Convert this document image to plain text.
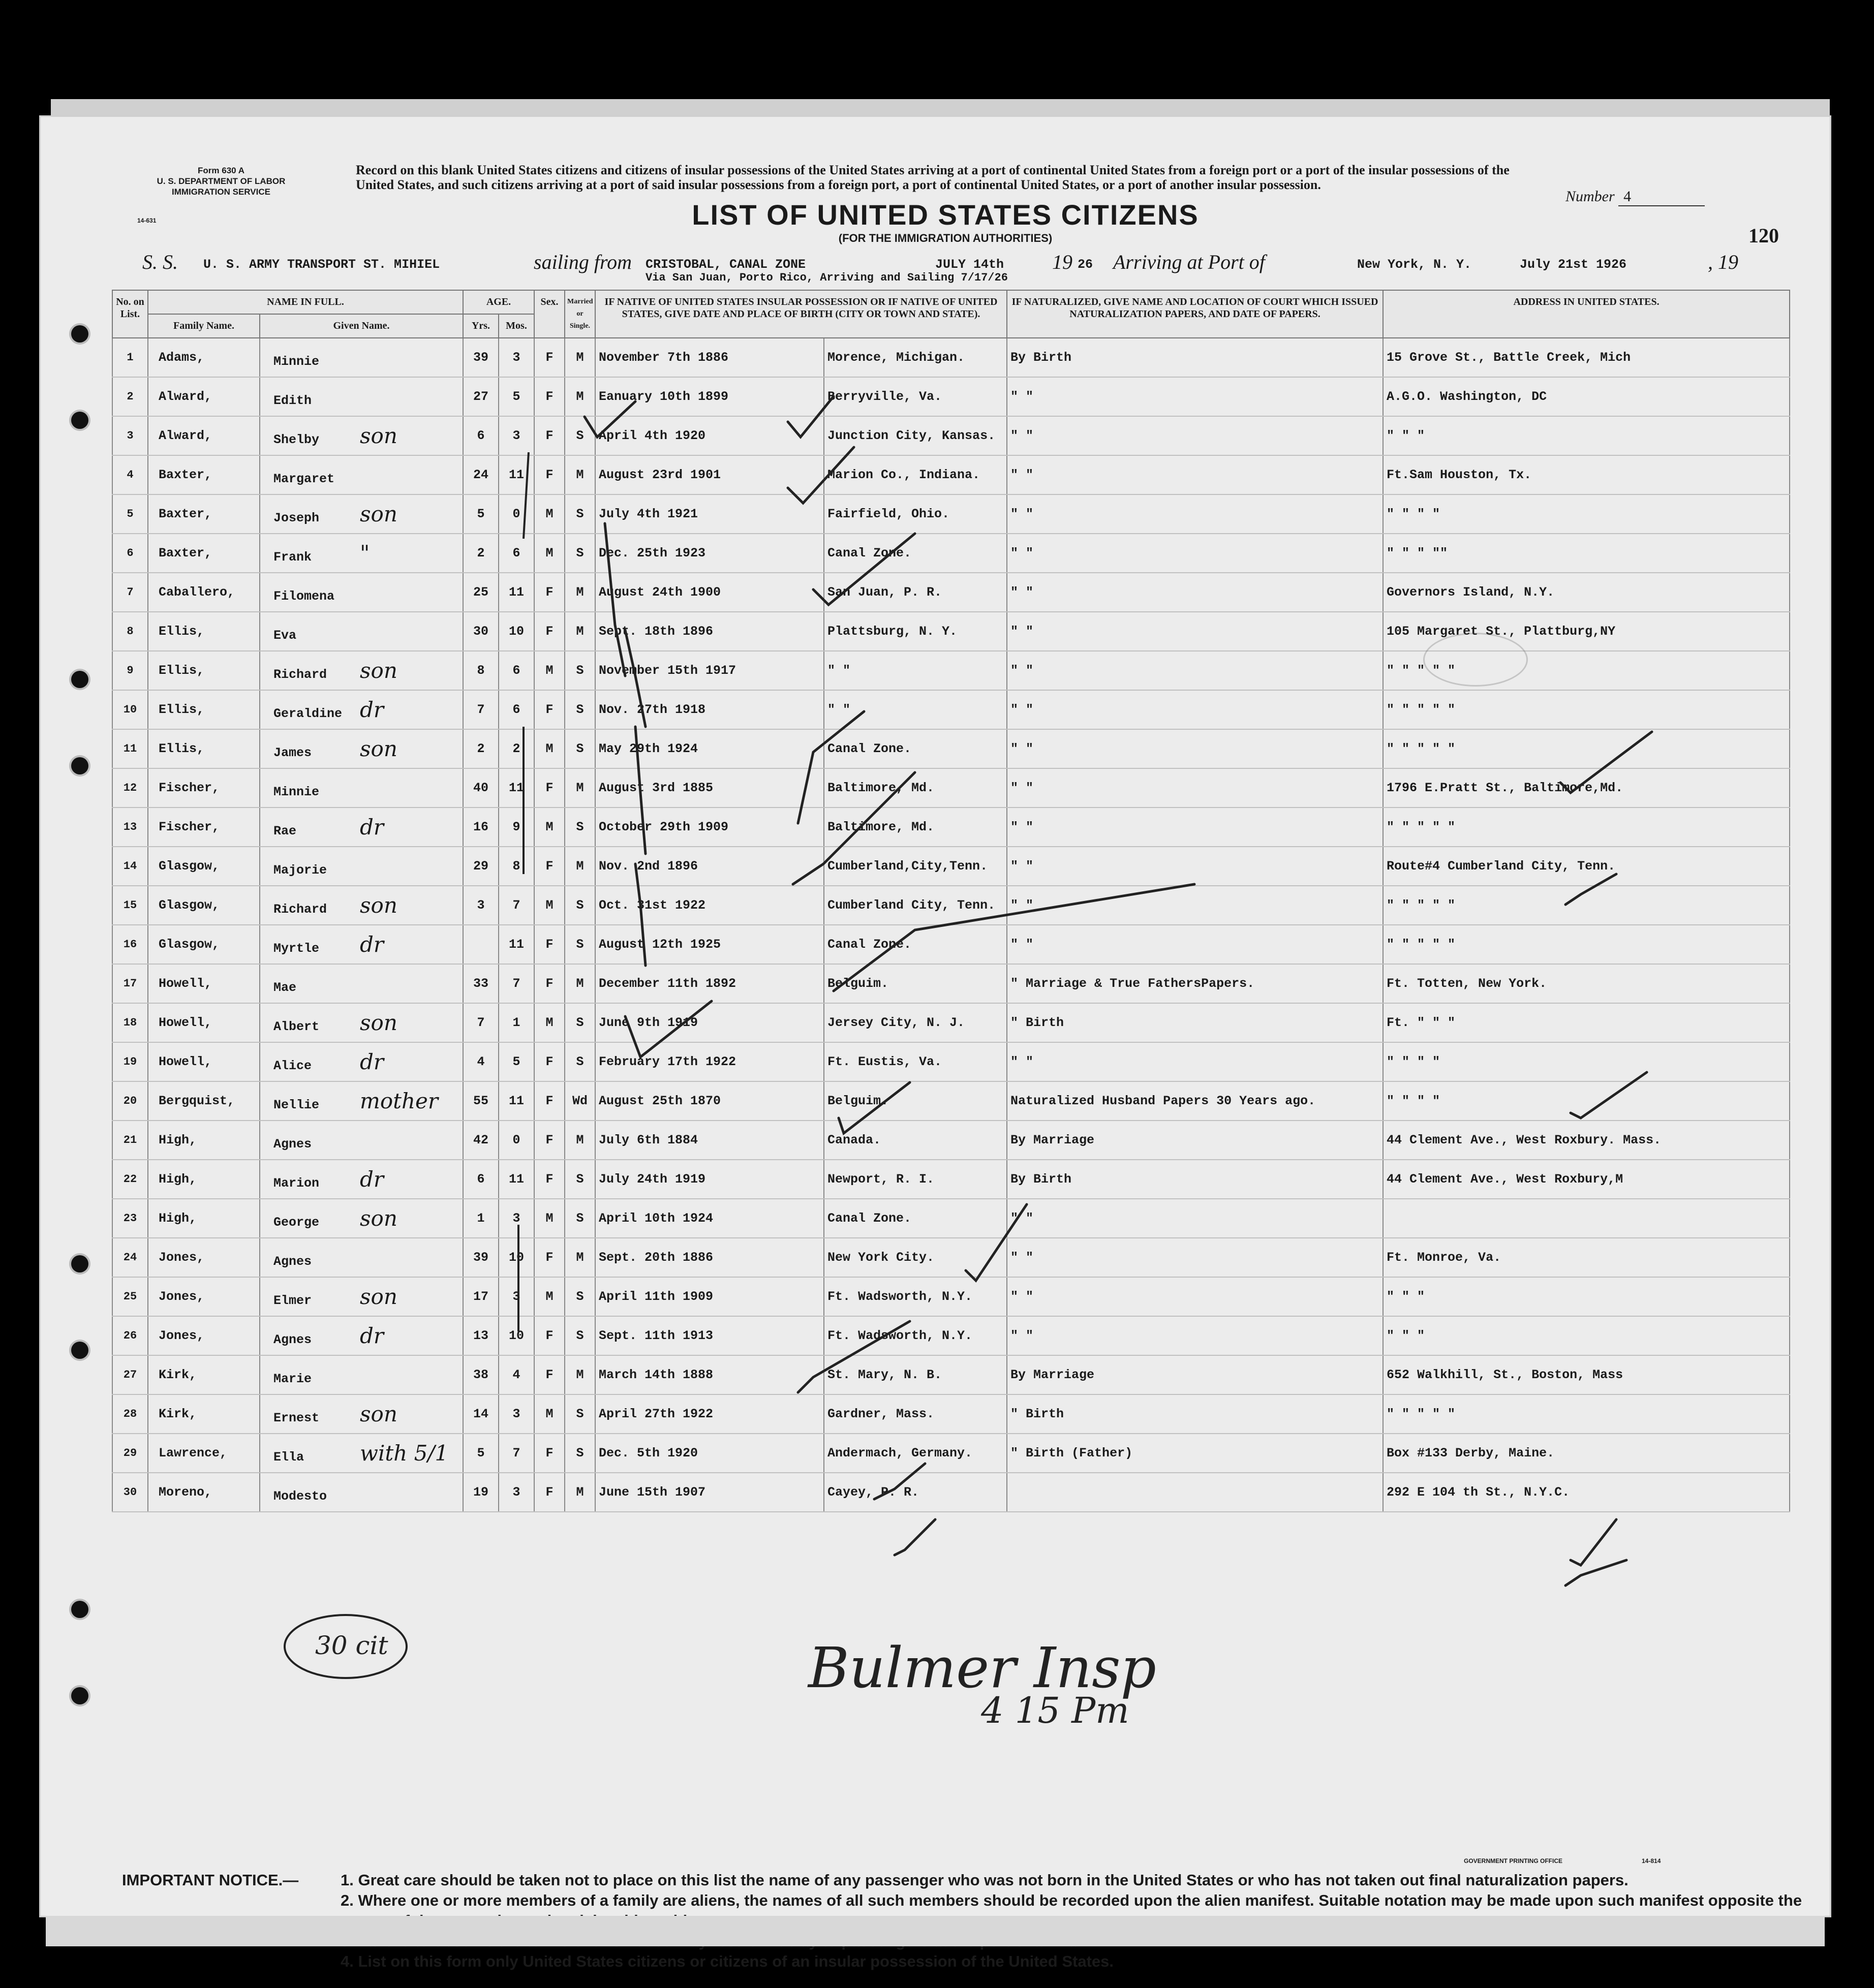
Form 630 A
U. S. DEPARTMENT OF LABOR
IMMIGRATION SERVICE
14-631
Record on this blank United States citizens and citizens of insular possessions of the United States arriving at a port of continental United States from a foreign port or a port of the insular possessions of the United States, and such citizens arriving at a port of said insular possessions from a foreign port, a port of continental United States, or a port of another insular possession.
LIST OF UNITED STATES CITIZENS
(FOR THE IMMIGRATION AUTHORITIES)
Number 4
120
S. S. U. S. ARMY TRANSPORT ST. MIHIEL	sailing from CRISTOBAL, CANAL ZONE	JULY 14th 19 26 Arriving at Port of	New York, N. Y.	July 21st 1926	, 19
Via San Juan, Porto Rico, Arriving and Sailing 7/17/26
No. on List.	NAME IN FULL.		AGE.		Sex.	Married or Single.	IF NATIVE OF UNITED STATES INSULAR POSSESSION OR IF NATIVE OF UNITED STATES, GIVE DATE AND PLACE OF BIRTH (CITY OR TOWN AND STATE).		IF NATURALIZED, GIVE NAME AND LOCATION OF COURT WHICH ISSUED NATURALIZATION PAPERS, AND DATE OF PAPERS.	ADDRESS IN UNITED STATES.
	Family Name.	Given Name.	Yrs.	Mos.						
1	Adams,	Minnie	39	3	F	M	November 7th 1886	Morence, Michigan.	By Birth	15 Grove St., Battle Creek, Mich
2	Alward,	Edith	27	5	F	M	Eanuary 10th 1899	Berryville, Va.	" "	A.G.O. Washington, DC
3	Alward,	Shelby son	6	3	F	S	April 4th 1920	Junction City, Kansas.	" "	" " "
4	Baxter,	Margaret	24	11	F	M	August 23rd 1901	Marion Co., Indiana.	" "	Ft.Sam Houston, Tx.
5	Baxter,	Joseph son	5	0	M	S	July 4th 1921	Fairfield, Ohio.	" "	" " " "
6	Baxter,	Frank "	2	6	M	S	Dec. 25th 1923	Canal Zone.	" "	" " " ""
7	Caballero,	Filomena	25	11	F	M	August 24th 1900	San Juan, P. R.	" "	Governors Island, N.Y.
8	Ellis,	Eva	30	10	F	M	Sept. 18th 1896	Plattsburg, N. Y.	" "	105 Margaret St., Plattburg,NY
9	Ellis,	Richard son	8	6	M	S	November 15th 1917	" "	" "	" " " " "
10	Ellis,	Geraldine dr	7	6	F	S	Nov. 27th 1918	" "	" "	" " " " "
11	Ellis,	James son	2	2	M	S	May 29th 1924	Canal Zone.	" "	" " " " "
12	Fischer,	Minnie	40	11	F	M	August 3rd 1885	Baltimore, Md.	" "	1796 E.Pratt St., Baltimore,Md.
13	Fischer,	Rae dr	16	9	M	S	October 29th 1909	Baltimore, Md.	" "	" " " " "
14	Glasgow,	Majorie	29	8	F	M	Nov. 2nd 1896	Cumberland,City,Tenn.	" "	Route#4 Cumberland City, Tenn.
15	Glasgow,	Richard son	3	7	M	S	Oct. 31st 1922	Cumberland City, Tenn.	" "	" " " " "
16	Glasgow,	Myrtle dr		11	F	S	August 12th 1925	Canal Zone.	" "	" " " " "
17	Howell,	Mae	33	7	F	M	December 11th 1892	Belguim.	" Marriage & True FathersPapers.	Ft. Totten, New York.
18	Howell,	Albert son	7	1	M	S	June 9th 1919	Jersey City, N. J.	" Birth	Ft. " " "
19	Howell,	Alice dr	4	5	F	S	February 17th 1922	Ft. Eustis, Va.	" "	" " " "
20	Bergquist,	Nellie mother	55	11	F	Wd	August 25th 1870	Belguim.	Naturalized Husband Papers 30 Years ago.	" " " "
21	High,	Agnes	42	0	F	M	July 6th 1884	Canada.	By Marriage	44 Clement Ave., West Roxbury. Mass.
22	High,	Marion dr	6	11	F	S	July 24th 1919	Newport, R. I.	By Birth	44 Clement Ave., West Roxbury,M
23	High,	George son	1	3	M	S	April 10th 1924	Canal Zone.	" "	
24	Jones,	Agnes	39	10	F	M	Sept. 20th 1886	New York City.	" "	Ft. Monroe, Va.
25	Jones,	Elmer son	17	3	M	S	April 11th 1909	Ft. Wadsworth, N.Y.	" "	" " "
26	Jones,	Agnes dr	13	10	F	S	Sept. 11th 1913	Ft. Wadsworth, N.Y.	" "	" " "
27	Kirk,	Marie	38	4	F	M	March 14th 1888	St. Mary, N. B.	By Marriage	652 Walkhill, St., Boston, Mass
28	Kirk,	Ernest son	14	3	M	S	April 27th 1922	Gardner, Mass.	" Birth	" " " " "
29	Lawrence,	Ella with 5/1	5	7	F	S	Dec. 5th 1920	Andermach, Germany.	" Birth (Father)	Box #133 Derby, Maine.
30	Moreno,	Modesto	19	3	F	M	June 15th 1907	Cayey, P. R.		292 E 104 th St., N.Y.C.
IMPORTANT NOTICE.—	1. Great care should be taken not to place on this list the name of any passenger who was not born in the United States or who has not taken out final naturalization papers.
2. Where one or more members of a family are aliens, the names of all such members should be recorded upon the alien manifest. Suitable notation may be made upon such manifest opposite the
4. List on this form only United States citizens or citizens of an insular possession of the United States.
GOVERNMENT PRINTING OFFICE	14-814
30 cit	Bulmer Insp
4 15 Pm
